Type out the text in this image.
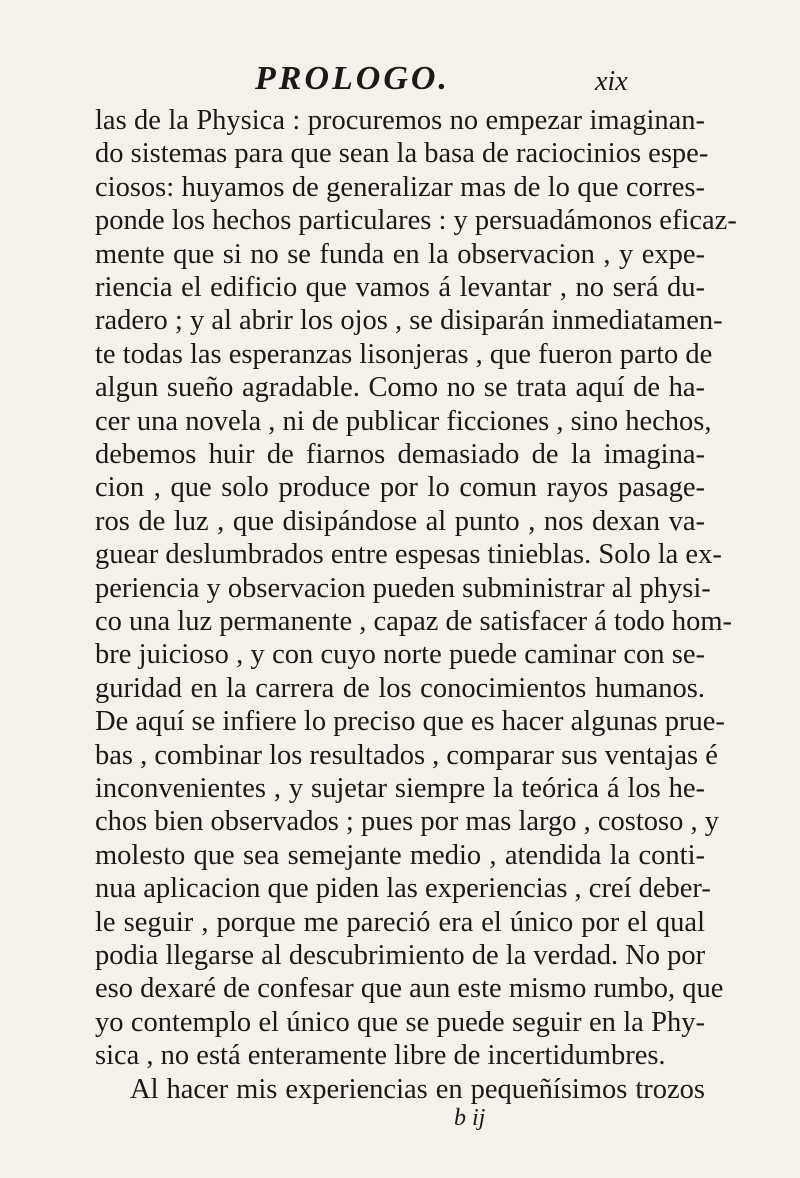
PROLOGO.	xix
las de la Physica : procuremos no empezar imaginan-
do sistemas para que sean la basa de raciocinios espe-
ciosos: huyamos de generalizar mas de lo que corres-
ponde los hechos particulares : y persuadámonos eficaz-
mente que si no se funda en la observacion , y expe-
riencia el edificio que vamos á levantar , no será du-
radero ; y al abrir los ojos , se disiparán inmediatamen-
te todas las esperanzas lisonjeras , que fueron parto de
algun sueño agradable. Como no se trata aquí de ha-
cer una novela , ni de publicar ficciones , sino hechos,
debemos huir de fiarnos demasiado de la imagina-
cion , que solo produce por lo comun rayos pasage-
ros de luz , que disipándose al punto , nos dexan va-
guear deslumbrados entre espesas tinieblas. Solo la ex-
periencia y observacion pueden subministrar al physi-
co una luz permanente , capaz de satisfacer á todo hom-
bre juicioso , y con cuyo norte puede caminar con se-
guridad en la carrera de los conocimientos humanos.
De aquí se infiere lo preciso que es hacer algunas prue-
bas , combinar los resultados , comparar sus ventajas é
inconvenientes , y sujetar siempre la teórica á los he-
chos bien observados ; pues por mas largo , costoso , y
molesto que sea semejante medio , atendida la conti-
nua aplicacion que piden las experiencias , creí deber-
le seguir , porque me pareció era el único por el qual
podia llegarse al descubrimiento de la verdad. No por
eso dexaré de confesar que aun este mismo rumbo, que
yo contemplo el único que se puede seguir en la Phy-
sica , no está enteramente libre de incertidumbres.
Al hacer mis experiencias en pequeñísimos trozos
b ij
